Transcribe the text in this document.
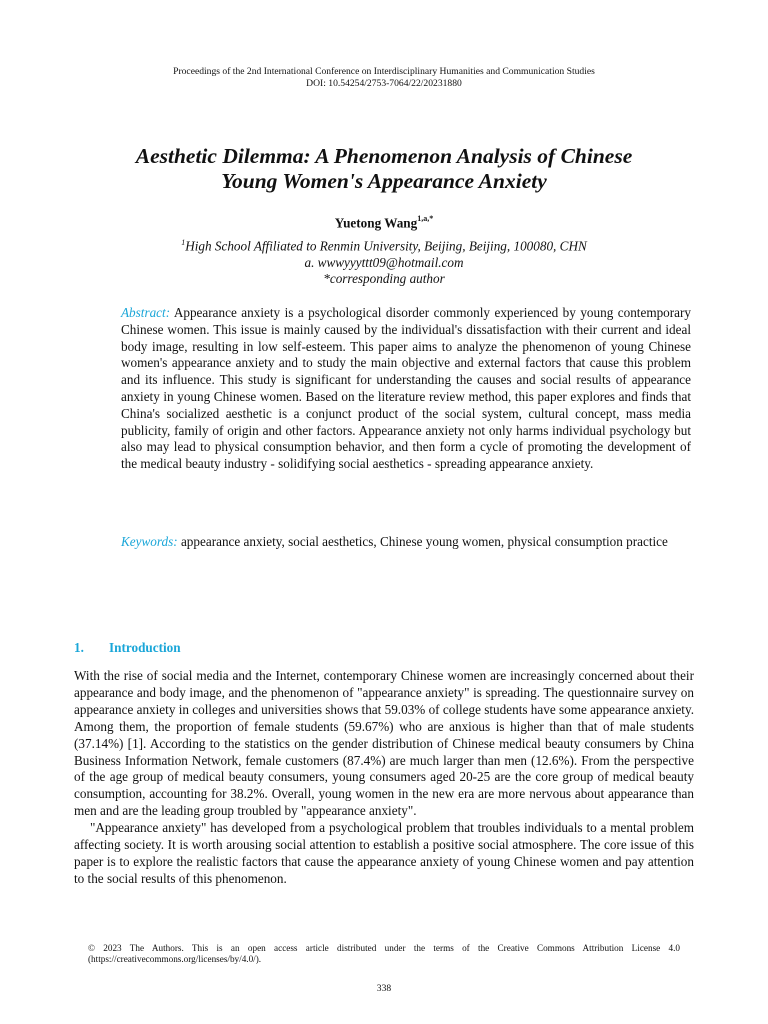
Proceedings of the 2nd International Conference on Interdisciplinary Humanities and Communication Studies
DOI: 10.54254/2753-7064/22/20231880
Aesthetic Dilemma: A Phenomenon Analysis of Chinese
Young Women's Appearance Anxiety
Yuetong Wang$^{1,a,*}$
$^1$High School Affiliated to Renmin University, Beijing, Beijing, 100080, CHN
a. wwwyyyttt09@hotmail.com
*corresponding author
Abstract: Appearance anxiety is a psychological disorder commonly experienced by young contemporary Chinese women. This issue is mainly caused by the individual's dissatisfaction with their current and ideal body image, resulting in low self-esteem. This paper aims to analyze the phenomenon of young Chinese women's appearance anxiety and to study the main objective and external factors that cause this problem and its influence. This study is significant for understanding the causes and social results of appearance anxiety in young Chinese women. Based on the literature review method, this paper explores and finds that China's socialized aesthetic is a conjunct product of the social system, cultural concept, mass media publicity, family of origin and other factors. Appearance anxiety not only harms individual psychology but also may lead to physical consumption behavior, and then form a cycle of promoting the development of the medical beauty industry - solidifying social aesthetics - spreading appearance anxiety.
Keywords: appearance anxiety, social aesthetics, Chinese young women, physical consumption practice
1. Introduction

With the rise of social media and the Internet, contemporary Chinese women are increasingly concerned about their appearance and body image, and the phenomenon of "appearance anxiety" is spreading. The questionnaire survey on appearance anxiety in colleges and universities shows that 59.03% of college students have some appearance anxiety. Among them, the proportion of female students (59.67%) who are anxious is higher than that of male students (37.14%) [1]. According to the statistics on the gender distribution of Chinese medical beauty consumers by China Business Information Network, female customers (87.4%) are much larger than men (12.6%). From the perspective of the age group of medical beauty consumers, young consumers aged 20-25 are the core group of medical beauty consumption, accounting for 38.2%. Overall, young women in the new era are more nervous about appearance than men and are the leading group troubled by "appearance anxiety".

"Appearance anxiety" has developed from a psychological problem that troubles individuals to a mental problem affecting society. It is worth arousing social attention to establish a positive social atmosphere. The core issue of this paper is to explore the realistic factors that cause the appearance anxiety of young Chinese women and pay attention to the social results of this phenomenon.

© 2023 The Authors. This is an open access article distributed under the terms of the Creative Commons Attribution License 4.0 (https://creativecommons.org/licenses/by/4.0/).
338
